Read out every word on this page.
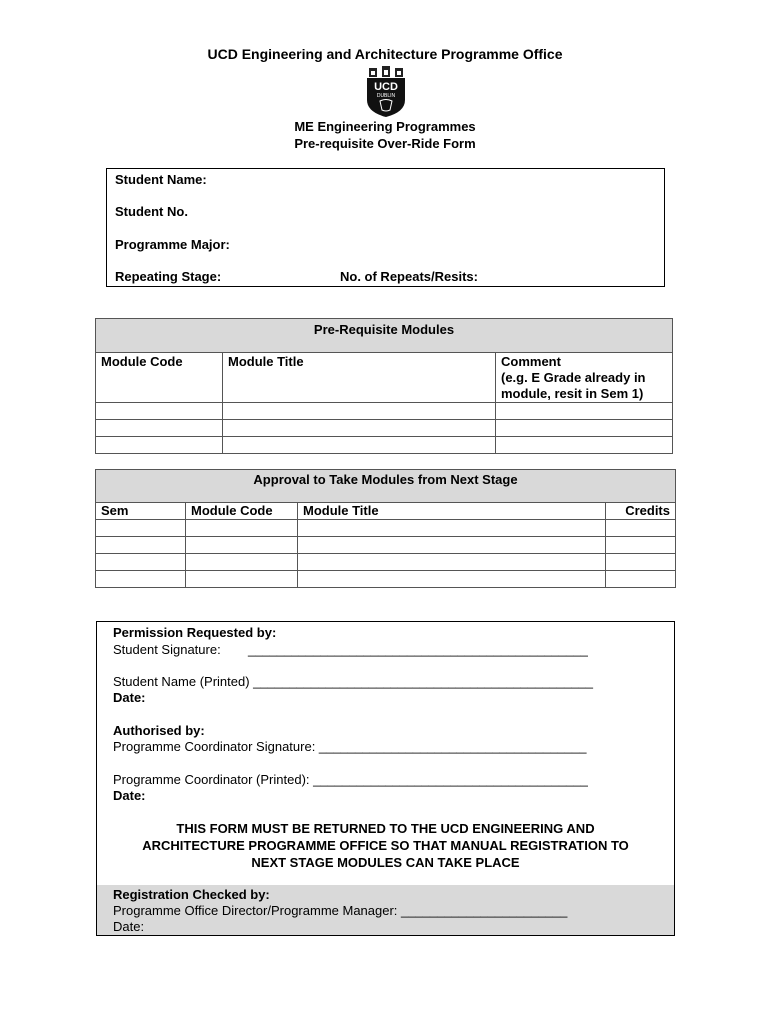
UCD Engineering and Architecture Programme Office
UCD
DUBLIN
ME Engineering Programmes
Pre-requisite Over-Ride Form
Student Name:
Student No.
Programme Major:
Repeating Stage:	No. of Repeats/Resits:
Pre-Requisite Modules		
Module Code	Module Title	Comment
(e.g. E Grade already in
module, resit in Sem 1)

Approval to Take Modules from Next Stage			
Sem	Module Code	Module Title	Credits

Permission Requested by:
Student Signature: _______________________________________________
Student Name (Printed) _______________________________________________
Date:
Authorised by:
Programme Coordinator Signature: _____________________________________
Programme Coordinator (Printed): ______________________________________
Date:
THIS FORM MUST BE RETURNED TO THE UCD ENGINEERING AND
ARCHITECTURE PROGRAMME OFFICE SO THAT MANUAL REGISTRATION TO
NEXT STAGE MODULES CAN TAKE PLACE
Registration Checked by:
Programme Office Director/Programme Manager: _______________________
Date:
